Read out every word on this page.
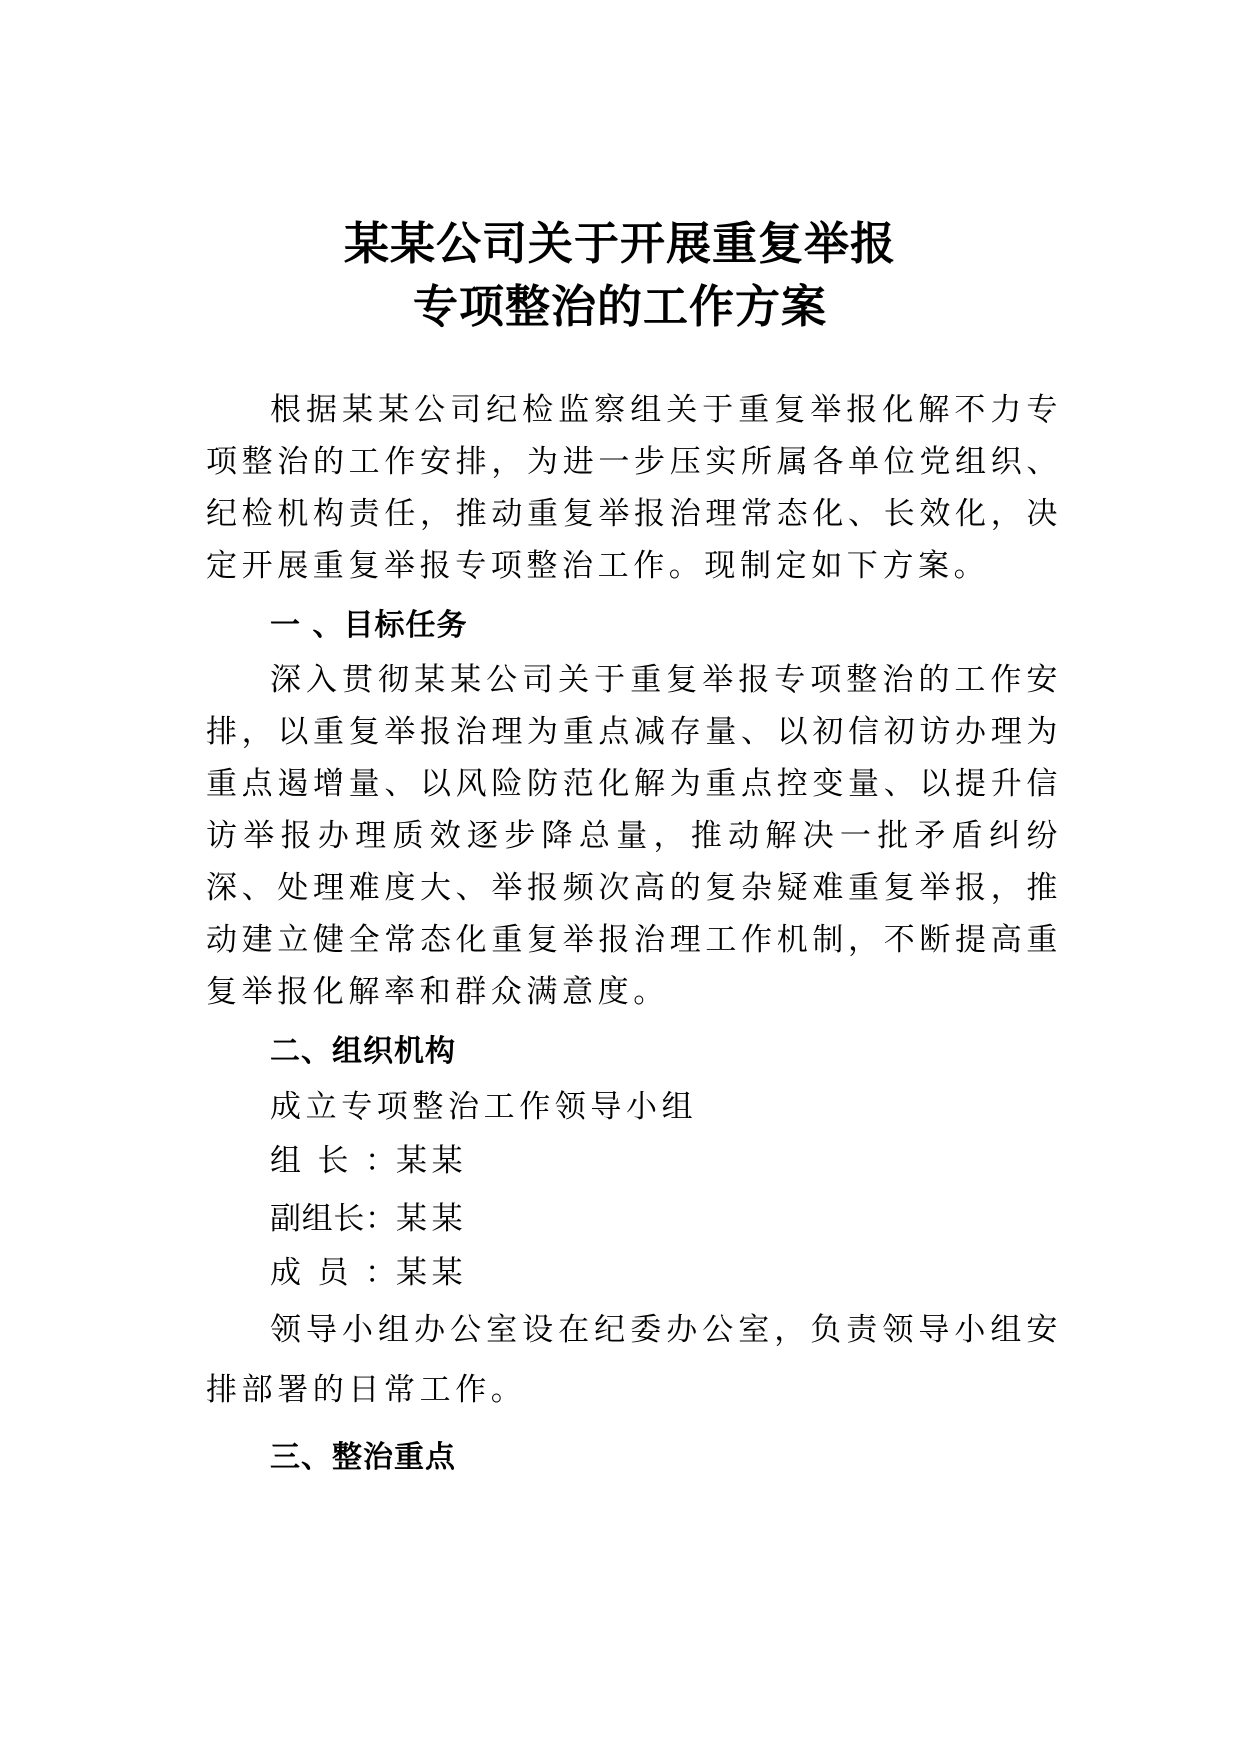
某某公司关于开展重复举报
专项整治的工作方案

根据某某公司纪检监察组关于重复举报化解不力专项整治的工作安排，为进一步压实所属各单位党组织、纪检机构责任，推动重复举报治理常态化、长效化，决定开展重复举报专项整治工作。现制定如下方案。

一 、目标任务

深入贯彻某某公司关于重复举报专项整治的工作安排，以重复举报治理为重点减存量、以初信初访办理为重点遏增量、以风险防范化解为重点控变量、以提升信访举报办理质效逐步降总量，推动解决一批矛盾纠纷深、处理难度大、举报频次高的复杂疑难重复举报，推动建立健全常态化重复举报治理工作机制，不断提高重复举报化解率和群众满意度。

二、组织机构

成立专项整治工作领导小组

组长：某某

副组长：某某

成员：某某

领导小组办公室设在纪委办公室，负责领导小组安排部署的日常工作。

三、整治重点
